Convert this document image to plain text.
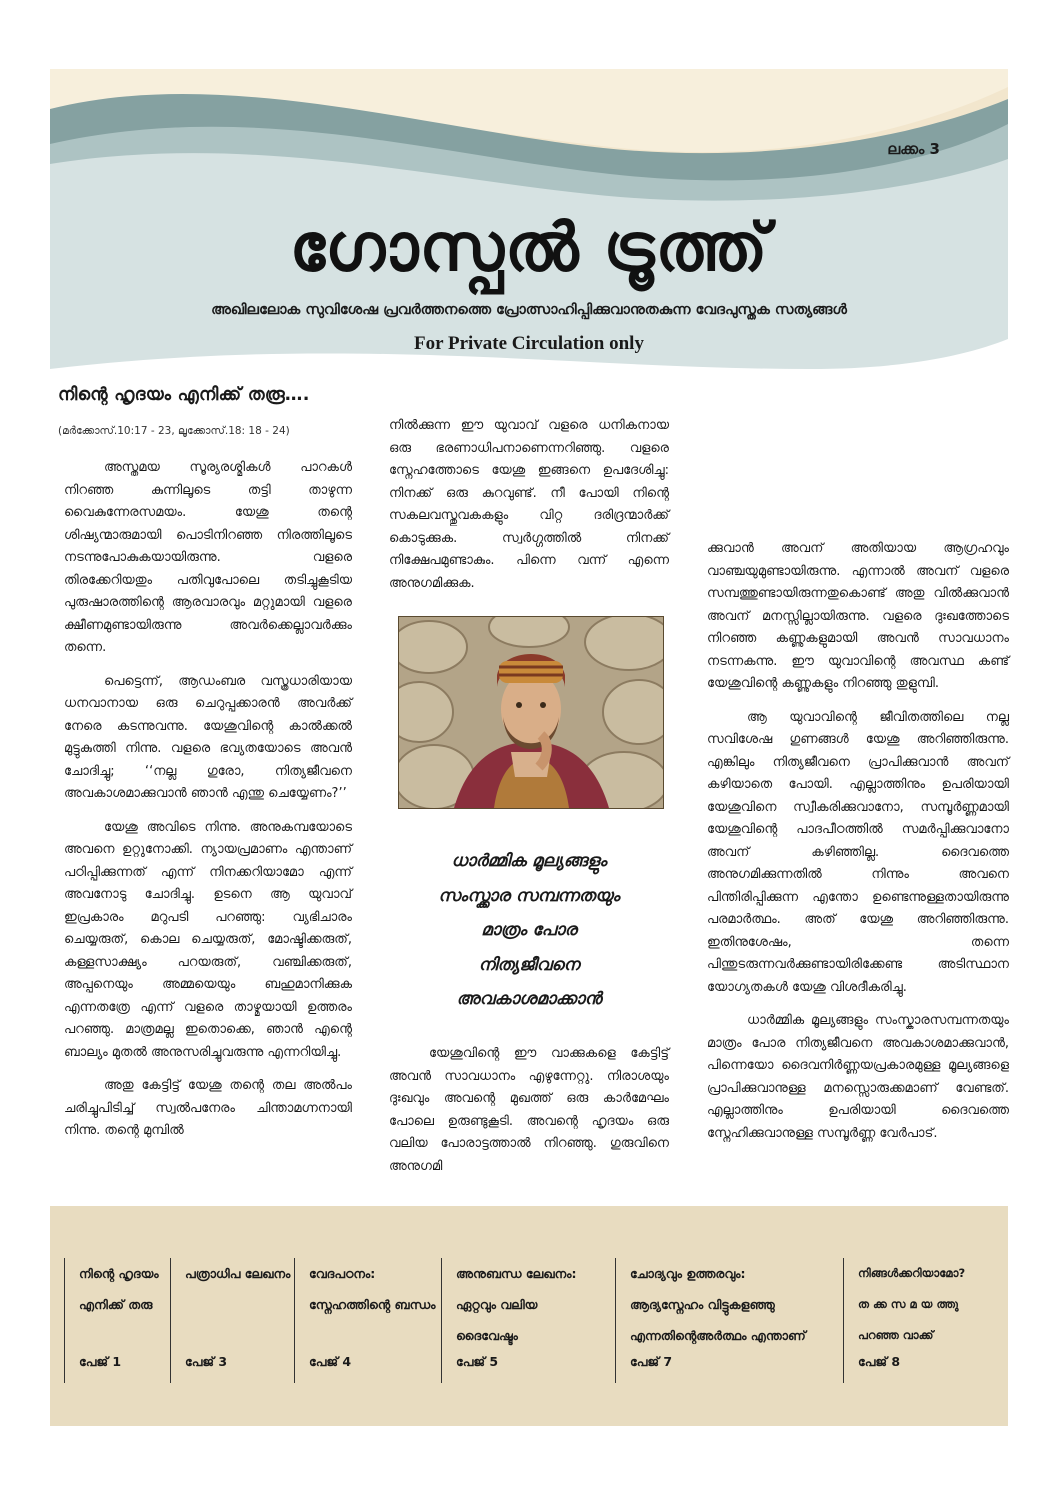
ലക്കം 3
ഗോസ്പൽ ട്രൂത്ത്
അഖിലലോക സുവിശേഷ പ്രവർത്തനത്തെ പ്രോത്സാഹിപ്പിക്കുവാനുതകുന്ന വേദപുസ്തക സത്യങ്ങൾ
For Private Circulation only
നിന്റെ ഹൃദയം എനിക്ക് തരൂ….
(മർക്കോസ്.10:17 - 23, ലൂക്കോസ്.18: 18 - 24)

അസ്തമയ സൂര്യരശ്മികൾ പാറകൾ നിറഞ്ഞ കുന്നിലൂടെ തട്ടി താഴുന്ന വൈകുന്നേരസമയം. യേശു തന്റെ ശിഷ്യന്മാരുമായി പൊടിനിറഞ്ഞ നിരത്തിലൂടെ നടന്നുപോകുകയായിരുന്നു. വളരെ തിരക്കേറിയതും പതിവുപോലെ തടിച്ചുകൂടിയ പുരുഷാരത്തിന്റെ ആരവാരവും മറ്റുമായി വളരെ ക്ഷീണമുണ്ടായിരുന്നു അവർക്കെല്ലാവർക്കും തന്നെ.

പെട്ടെന്ന്, ആഡംബര വസ്ത്രധാരിയായ ധനവാനായ ഒരു ചെറുപ്പക്കാരൻ അവർക്ക് നേരെ കടന്നുവന്നു. യേശുവിന്റെ കാൽക്കൽ മുട്ടുകുത്തി നിന്നു. വളരെ ഭവ്യതയോടെ അവൻ ചോദിച്ചു; ‘‘നല്ല ഗുരോ, നിത്യജീവനെ അവകാശമാക്കുവാൻ ഞാൻ എന്തു ചെയ്യേണം?’’

യേശു അവിടെ നിന്നു. അനുകമ്പയോടെ അവനെ ഉറ്റുനോക്കി. ന്യായപ്രമാണം എന്താണ് പഠിപ്പിക്കുന്നത് എന്ന് നിനക്കറിയാമോ എന്ന് അവനോടു ചോദിച്ചു. ഉടനെ ആ യുവാവ് ഇപ്രകാരം മറുപടി പറഞ്ഞു: വ്യഭിചാരം ചെയ്യരുത്, കൊല ചെയ്യരുത്, മോഷ്ടിക്കരുത്, കള്ളസാക്ഷ്യം പറയരുത്, വഞ്ചിക്കരുത്, അപ്പനെയും അമ്മയെയും ബഹുമാനിക്കുക എന്നതത്രേ എന്ന് വളരെ താഴ്മയായി ഉത്തരം പറഞ്ഞു. മാത്രമല്ല ഇതൊക്കെ, ഞാൻ എന്റെ ബാല്യം മുതൽ അനുസരിച്ചുവരുന്നു എന്നറിയിച്ചു.

അതു കേട്ടിട്ട് യേശു തന്റെ തല അൽപം ചരിച്ചുപിടിച്ച് സ്വൽപനേരം ചിന്താമഗ്നനായി നിന്നു. തന്റെ മുമ്പിൽ

നിൽക്കുന്ന ഈ യുവാവ് വളരെ ധനികനായ ഒരു ഭരണാധിപനാണെന്നറിഞ്ഞു. വളരെ സ്നേഹത്തോടെ യേശു ഇങ്ങനെ ഉപദേശിച്ചു: നിനക്ക് ഒരു കുറവുണ്ട്. നീ പോയി നിന്റെ സകലവസ്തുവകകളും വിറ്റ ദരിദ്രന്മാർക്ക് കൊടുക്കുക. സ്വർഗ്ഗത്തിൽ നിനക്ക് നിക്ഷേപമുണ്ടാകും. പിന്നെ വന്ന് എന്നെ അനുഗമിക്കുക.

ധാർമ്മിക മൂല്യങ്ങളും
സംസ്ക്കാര സമ്പന്നതയും
മാത്രം പോര
നിത്യജീവനെ
അവകാശമാക്കാൻ

യേശുവിന്റെ ഈ വാക്കുകളെ കേട്ടിട്ട് അവൻ സാവധാനം എഴുന്നേറ്റു. നിരാശയും ദുഃഖവും അവന്റെ മുഖത്ത് ഒരു കാർമേഘം പോലെ ഉരുണ്ടുകൂടി. അവന്റെ ഹൃദയം ഒരു വലിയ പോരാട്ടത്താൽ നിറഞ്ഞു. ഗുരുവിനെ അനുഗമി

ക്കുവാൻ അവന് അതിയായ ആഗ്രഹവും വാഞ്ചയുമുണ്ടായിരുന്നു. എന്നാൽ അവന് വളരെ സമ്പത്തുണ്ടായിരുന്നതുകൊണ്ട് അതു വിൽക്കുവാൻ അവന് മനസ്സില്ലായിരുന്നു. വളരെ ദുഃഖത്തോടെ നിറഞ്ഞ കണ്ണുകളുമായി അവൻ സാവധാനം നടന്നകന്നു. ഈ യുവാവിന്റെ അവസ്ഥ കണ്ട് യേശുവിന്റെ കണ്ണുകളും നിറഞ്ഞു തുളുമ്പി.

ആ യുവാവിന്റെ ജീവിതത്തിലെ നല്ല സവിശേഷ ഗുണങ്ങൾ യേശു അറിഞ്ഞിരുന്നു. എങ്കിലും നിത്യജീവനെ പ്രാപിക്കുവാൻ അവന് കഴിയാതെ പോയി. എല്ലാത്തിനും ഉപരിയായി യേശുവിനെ സ്വീകരിക്കുവാനോ, സമ്പൂർണ്ണമായി യേശുവിന്റെ പാദപീഠത്തിൽ സമർപ്പിക്കുവാനോ അവന് കഴിഞ്ഞില്ല. ദൈവത്തെ അനുഗമിക്കുന്നതിൽ നിന്നും അവനെ പിന്തിരിപ്പിക്കുന്ന എന്തോ ഉണ്ടെന്നുള്ളതായിരുന്നു പരമാർത്ഥം. അത് യേശു അറിഞ്ഞിരുന്നു. ഇതിനുശേഷം, തന്നെ പിന്തുടരുന്നവർക്കുണ്ടായിരിക്കേണ്ട അടിസ്ഥാന യോഗ്യതകൾ യേശു വിശദീകരിച്ചു.

ധാർമ്മിക മൂല്യങ്ങളും സംസ്കാരസമ്പന്നതയും മാത്രം പോര നിത്യജീവനെ അവകാശമാക്കുവാൻ, പിന്നെയോ ദൈവനിർണ്ണയപ്രകാരമുള്ള മൂല്യങ്ങളെ പ്രാപിക്കുവാനുള്ള മനസ്സൊരുക്കമാണ് വേണ്ടത്. എല്ലാത്തിനും ഉപരിയായി ദൈവത്തെ സ്നേഹിക്കുവാനുള്ള സമ്പൂർണ്ണ വേർപാട്.

നിന്റെ ഹൃദയം
എനിക്ക് തരു
പേജ് 1
പത്രാധിപ ലേഖനം
പേജ് 3
വേദപഠനം:
സ്നേഹത്തിന്റെ ബന്ധം
പേജ് 4
അനുബന്ധ ലേഖനം:
ഏറ്റവും വലിയ
ദൈവേഷ്ടം
പേജ് 5
ചോദ്യവും ഉത്തരവും:
ആദ്യസ്നേഹം വിട്ടുകളഞ്ഞു
എന്നതിന്റെഅർത്ഥം എന്താണ്
പേജ് 7
നിങ്ങൾക്കറിയാമോ?
ത ക്ക സ മ യ ത്ത‌ു
പറഞ്ഞ വാക്ക്
പേജ് 8
